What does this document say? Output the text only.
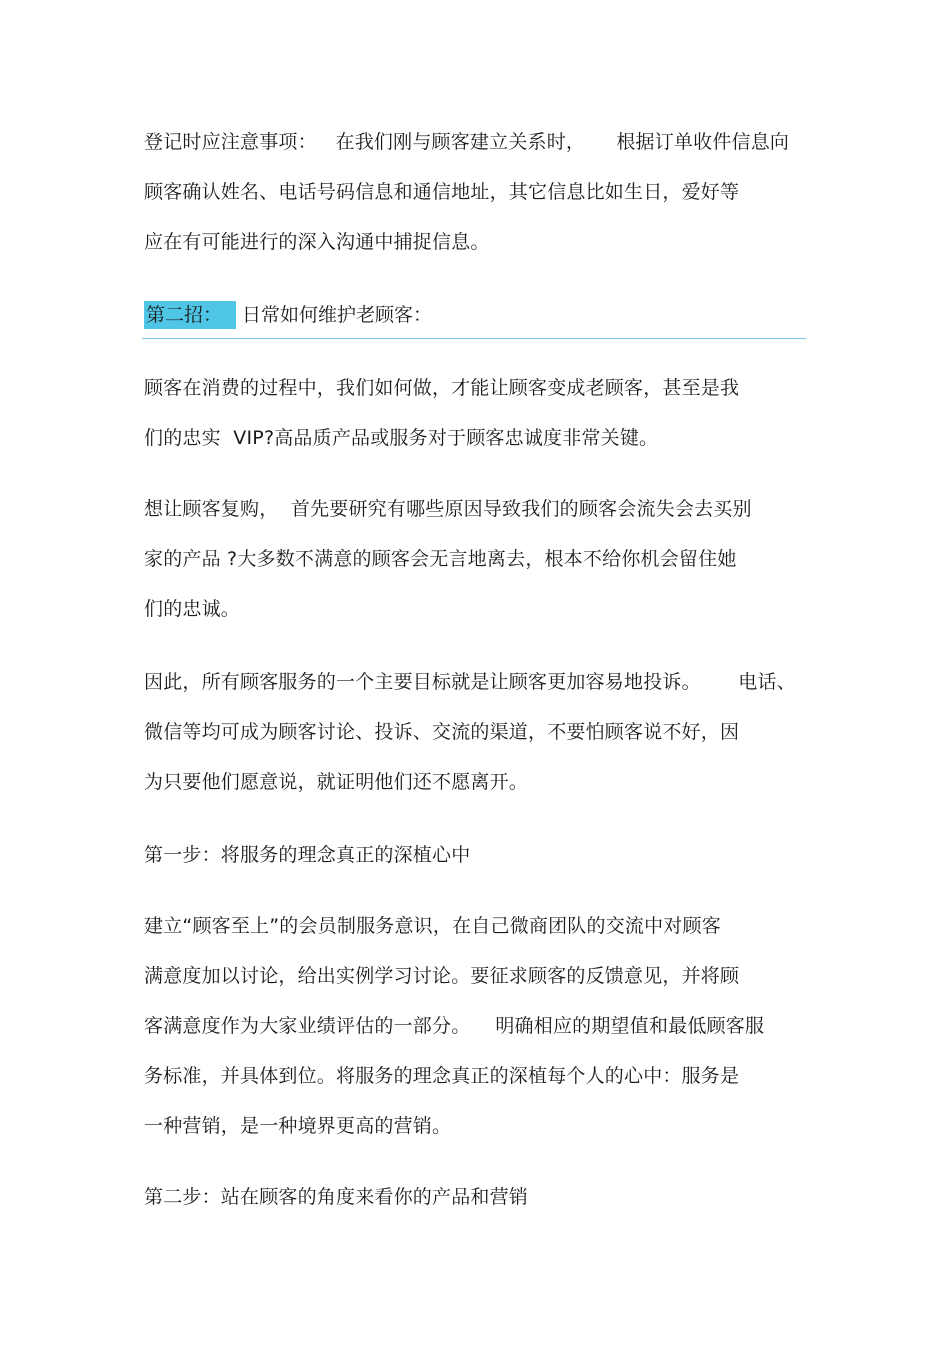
登记时应注意事项：   在我们刚与顾客建立关系时，     根据订单收件信息向
顾客确认姓名、电话号码信息和通信地址，其它信息比如生日，爱好等
应在有可能进行的深入沟通中捕捉信息。
第二招：	日常如何维护老顾客：
顾客在消费的过程中，我们如何做，才能让顾客变成老顾客，甚至是我
们的忠实  VIP?高品质产品或服务对于顾客忠诚度非常关键。
想让顾客复购，  首先要研究有哪些原因导致我们的顾客会流失会去买别
家的产品 ?大多数不满意的顾客会无言地离去，根本不给你机会留住她
们的忠诚。
因此，所有顾客服务的一个主要目标就是让顾客更加容易地投诉。      电话、
微信等均可成为顾客讨论、投诉、交流的渠道，不要怕顾客说不好，因
为只要他们愿意说，就证明他们还不愿离开。
第一步：将服务的理念真正的深植心中
建立“顾客至上”的会员制服务意识，在自己微商团队的交流中对顾客
满意度加以讨论，给出实例学习讨论。要征求顾客的反馈意见，并将顾
客满意度作为大家业绩评估的一部分。    明确相应的期望值和最低顾客服
务标准，并具体到位。将服务的理念真正的深植每个人的心中：服务是
一种营销，是一种境界更高的营销。
第二步：站在顾客的角度来看你的产品和营销
